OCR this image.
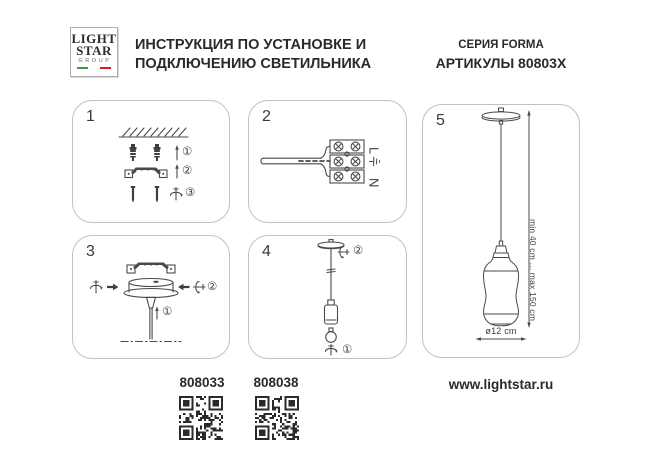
LIGHT
STAR
GROUP
ИНСТРУКЦИЯ ПО УСТАНОВКЕ И
ПОДКЛЮЧЕНИЮ СВЕТИЛЬНИКА
СЕРИЯ FORMA
АРТИКУЛЫ 80803X
1
①
②
③
2
L
N
3
①
②
4	②
①
5
min 40 cm ... max 150 cm
ø12 cm
808033	808038	www.lightstar.ru
